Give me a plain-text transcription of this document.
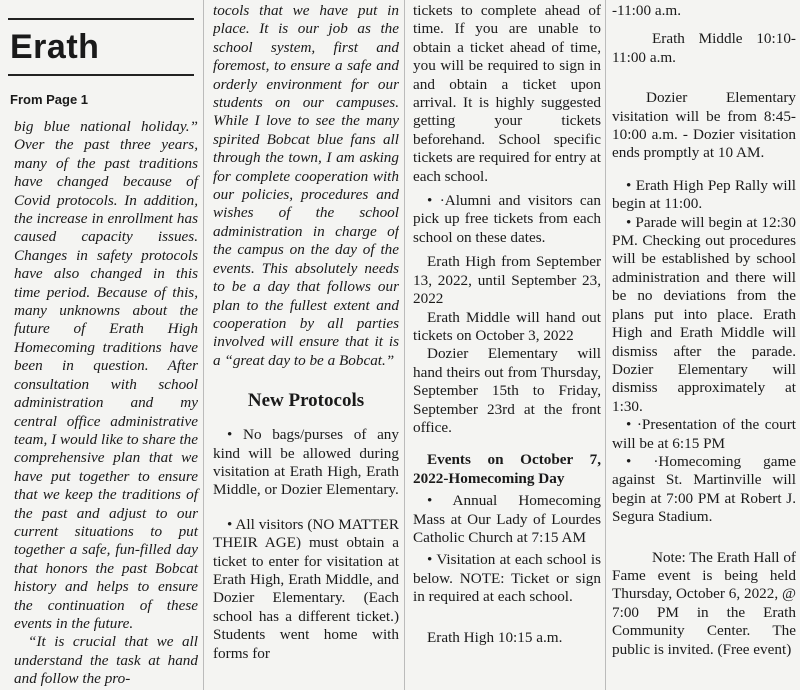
Erath

From Page 1

big blue national holiday.” Over the past three years, many of the past traditions have changed because of Covid protocols. In addition, the increase in enrollment has caused capacity issues. Changes in safety protocols have also changed in this time period. Because of this, many unknowns about the future of Erath High Homecoming traditions have been in question. After consultation with school administration and my central office administrative team, I would like to share the comprehensive plan that we have put together to ensure that we keep the traditions of the past and adjust to our current situations to put together a safe, fun-filled day that honors the past Bobcat history and helps to ensure the continuation of these events in the future.

“It is crucial that we all understand the task at hand and follow the pro-

tocols that we have put in place. It is our job as the school system, first and foremost, to ensure a safe and orderly environment for our students on our campuses. While I love to see the many spirited Bobcat blue fans all through the town, I am asking for complete cooperation with our policies, procedures and wishes of the school administration in charge of the campus on the day of the events. This absolutely needs to be a day that follows our plan to the fullest extent and cooperation by all parties involved will ensure that it is a “great day to be a Bobcat.”

New Protocols

• No bags/purses of any kind will be allowed during visitation at Erath High, Erath Middle, or Dozier Elementary.

• All visitors (NO MATTER THEIR AGE) must obtain a ticket to enter for visitation at Erath High, Erath Middle, and Dozier Elementary. (Each school has a different ticket.) Students went home with forms for

tickets to complete ahead of time. If you are unable to obtain a ticket ahead of time, you will be required to sign in and obtain a ticket upon arrival. It is highly suggested getting your tickets beforehand. School specific tickets are required for entry at each school.

• ·Alumni and visitors can pick up free tickets from each school on these dates.

Erath High from September 13, 2022, until September 23, 2022

Erath Middle will hand out tickets on October 3, 2022

Dozier Elementary will hand theirs out from Thursday, September 15th to Friday, September 23rd at the front office.

Events on October 7, 2022-Homecoming Day

• Annual Homecoming Mass at Our Lady of Lourdes Catholic Church at 7:15 AM

• Visitation at each school is below. NOTE: Ticket or sign in required at each school.

Erath High 10:15 a.m.

-11:00 a.m.

Erath Middle 10:10-11:00 a.m.

Dozier Elementary visitation will be from 8:45-10:00 a.m. - Dozier visitation ends promptly at 10 AM.

• Erath High Pep Rally will begin at 11:00.

• Parade will begin at 12:30 PM. Checking out procedures will be established by school administration and there will be no deviations from the plans put into place. Erath High and Erath Middle will dismiss after the parade. Dozier Elementary will dismiss approximately at 1:30.

• ·Presentation of the court will be at 6:15 PM

• ·Homecoming game against St. Martinville will begin at 7:00 PM at Robert J. Segura Stadium.

Note: The Erath Hall of Fame event is being held Thursday, October 6, 2022, @ 7:00 PM in the Erath Community Center. The public is invited. (Free event)
